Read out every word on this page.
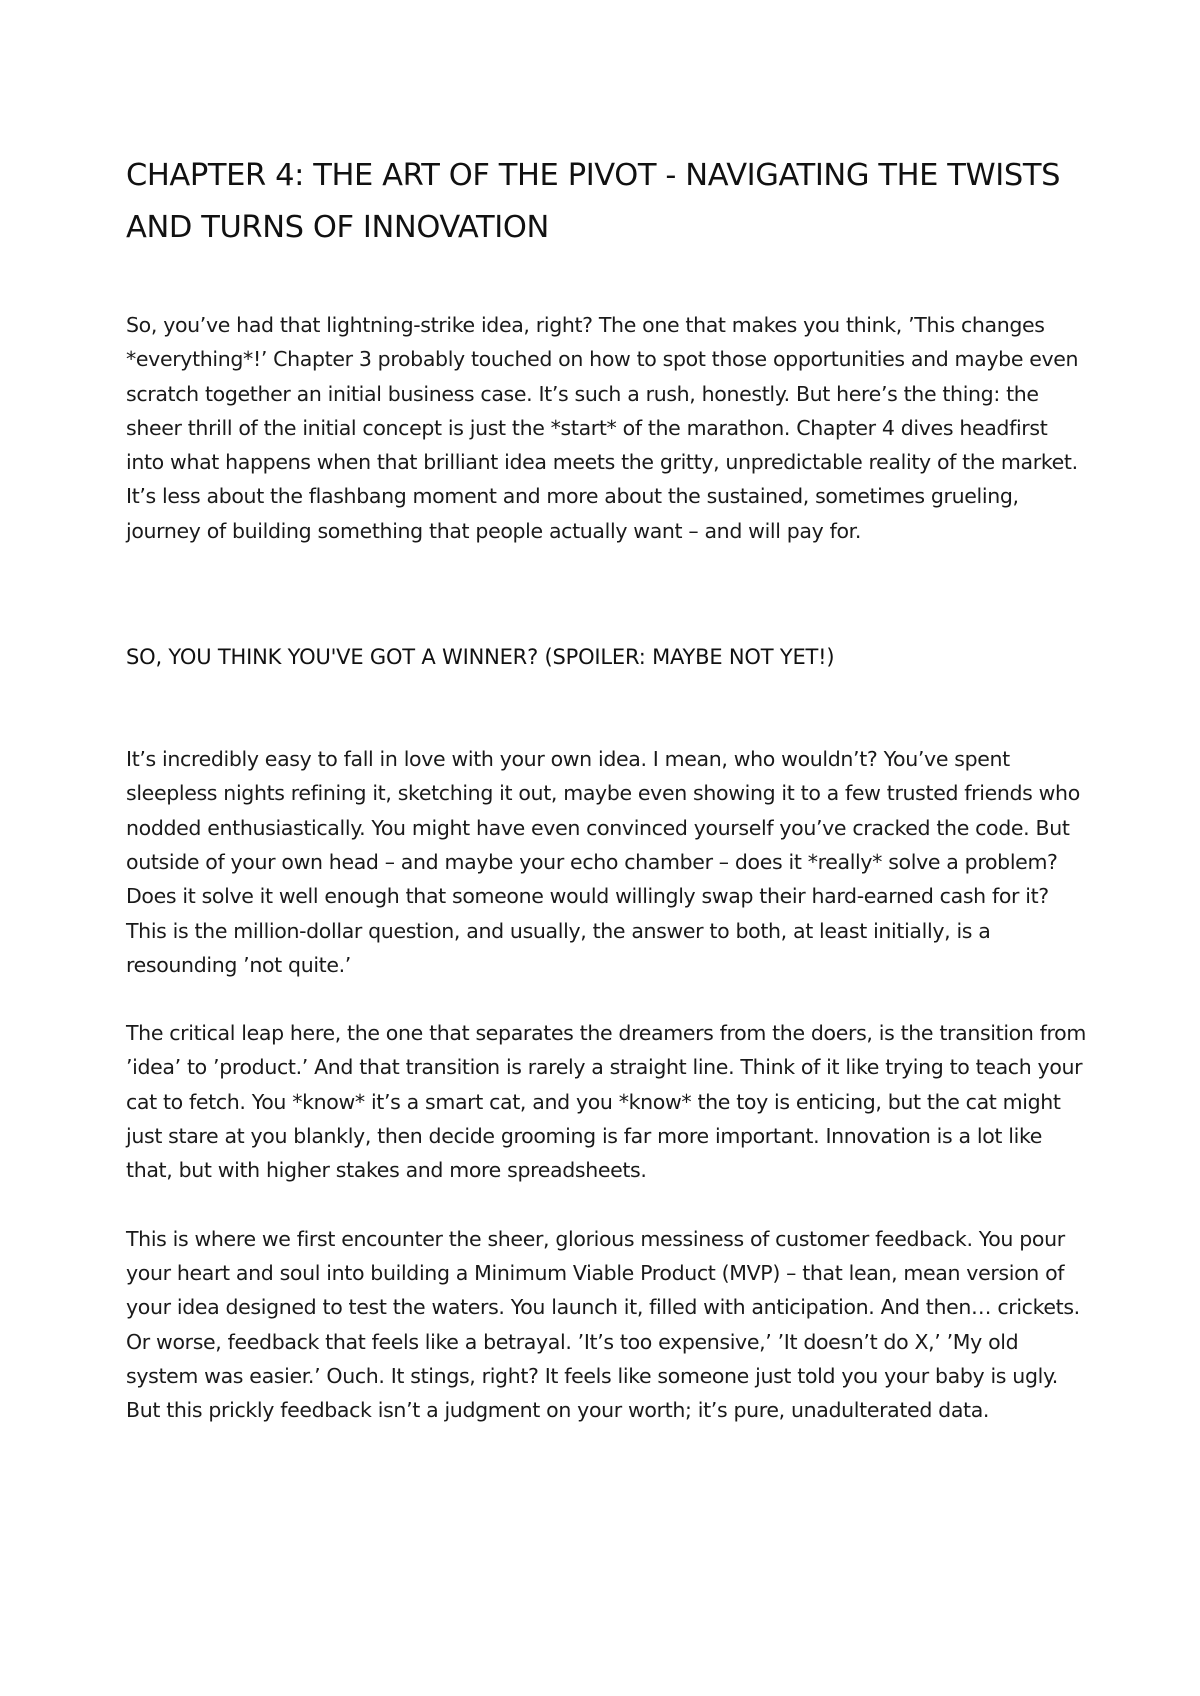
CHAPTER 4: THE ART OF THE PIVOT - NAVIGATING THE TWISTS AND TURNS OF INNOVATION

So, you’ve had that lightning-strike idea, right? The one that makes you think, ’This changes *everything*!’ Chapter 3 probably touched on how to spot those opportunities and maybe even scratch together an initial business case. It’s such a rush, honestly. But here’s the thing: the sheer thrill of the initial concept is just the *start* of the marathon. Chapter 4 dives headfirst into what happens when that brilliant idea meets the gritty, unpredictable reality of the market. It’s less about the flashbang moment and more about the sustained, sometimes grueling, journey of building something that people actually want – and will pay for.

SO, YOU THINK YOU'VE GOT A WINNER? (SPOILER: MAYBE NOT YET!)

It’s incredibly easy to fall in love with your own idea. I mean, who wouldn’t? You’ve spent sleepless nights refining it, sketching it out, maybe even showing it to a few trusted friends who nodded enthusiastically. You might have even convinced yourself you’ve cracked the code. But outside of your own head – and maybe your echo chamber – does it *really* solve a problem? Does it solve it well enough that someone would willingly swap their hard-earned cash for it? This is the million-dollar question, and usually, the answer to both, at least initially, is a resounding ’not quite.’

The critical leap here, the one that separates the dreamers from the doers, is the transition from ’idea’ to ’product.’ And that transition is rarely a straight line. Think of it like trying to teach your cat to fetch. You *know* it’s a smart cat, and you *know* the toy is enticing, but the cat might just stare at you blankly, then decide grooming is far more important. Innovation is a lot like that, but with higher stakes and more spreadsheets.

This is where we first encounter the sheer, glorious messiness of customer feedback. You pour your heart and soul into building a Minimum Viable Product (MVP) – that lean, mean version of your idea designed to test the waters. You launch it, filled with anticipation. And then… crickets. Or worse, feedback that feels like a betrayal. ’It’s too expensive,’ ’It doesn’t do X,’ ’My old system was easier.’ Ouch. It stings, right? It feels like someone just told you your baby is ugly. But this prickly feedback isn’t a judgment on your worth; it’s pure, unadulterated data.
